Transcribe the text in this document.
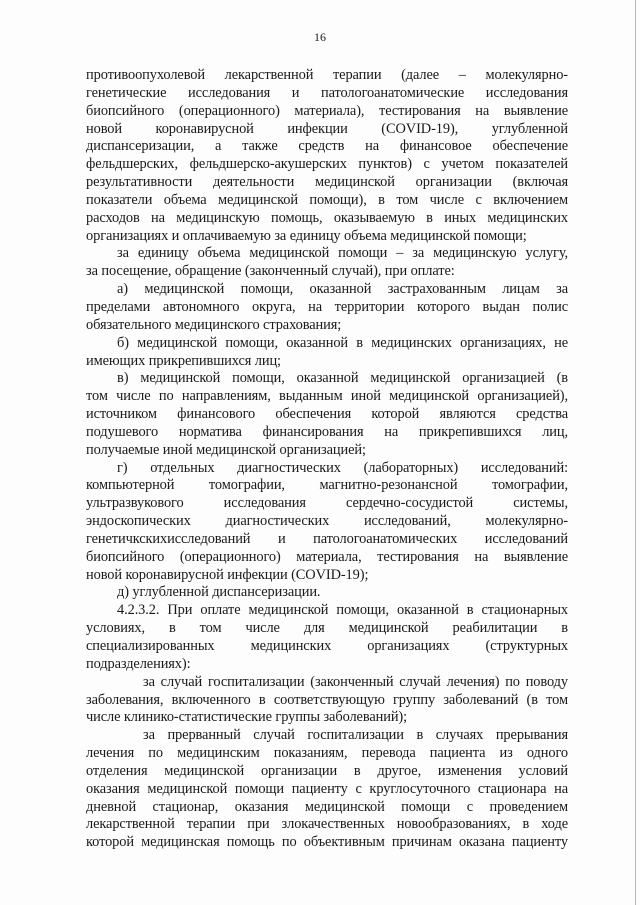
16

противоопухолевой лекарственной терапии (далее – молекулярно-

генетические исследования и патологоанатомические исследования

биопсийного (операционного) материала), тестирования на выявление

новой коронавирусной инфекции (COVID-19), углубленной

диспансеризации, а также средств на финансовое обеспечение

фельдшерских, фельдшерско-акушерских пунктов) с учетом показателей

результативности деятельности медицинской организации (включая

показатели объема медицинской помощи), в том числе с включением

расходов на медицинскую помощь, оказываемую в иных медицинских

организациях и оплачиваемую за единицу объема медицинской помощи;

за единицу объема медицинской помощи – за медицинскую услугу,

за посещение, обращение (законченный случай), при оплате:

а) медицинской помощи, оказанной застрахованным лицам за

пределами автономного округа, на территории которого выдан полис

обязательного медицинского страхования;

б) медицинской помощи, оказанной в медицинских организациях, не

имеющих прикрепившихся лиц;

в) медицинской помощи, оказанной медицинской организацией (в

том числе по направлениям, выданным иной медицинской организацией),

источником финансового обеспечения которой являются средства

подушевого норматива финансирования на прикрепившихся лиц,

получаемые иной медицинской организацией;

г) отдельных диагностических (лабораторных) исследований:

компьютерной томографии, магнитно-резонансной томографии,

ультразвукового исследования сердечно-сосудистой системы,

эндоскопических диагностических исследований, молекулярно-

генетичкскихисследований и патологоанатомических исследований

биопсийного (операционного) материала, тестирования на выявление

новой коронавирусной инфекции (COVID-19);

д) углубленной диспансеризации.

4.2.3.2. При оплате медицинской помощи, оказанной в стационарных

условиях, в том числе для медицинской реабилитации в

специализированных медицинских организациях (структурных

подразделениях):

за случай госпитализации (законченный случай лечения) по поводу

заболевания, включенного в соответствующую группу заболеваний (в том

числе клинико-статистические группы заболеваний);

за прерванный случай госпитализации в случаях прерывания

лечения по медицинским показаниям, перевода пациента из одного

отделения медицинской организации в другое, изменения условий

оказания медицинской помощи пациенту с круглосуточного стационара на

дневной стационар, оказания медицинской помощи с проведением

лекарственной терапии при злокачественных новообразованиях, в ходе

которой медицинская помощь по объективным причинам оказана пациенту
